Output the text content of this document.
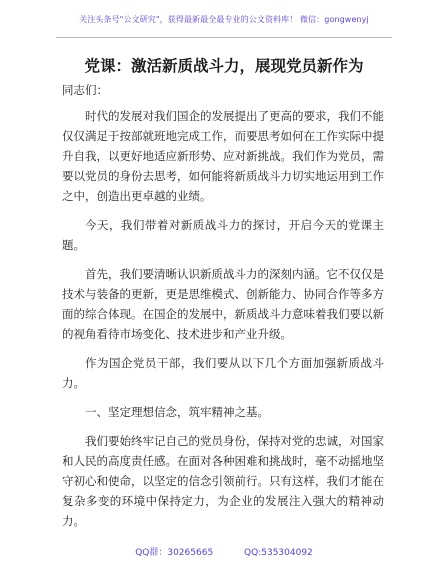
关注头条号"公文研究"，获得最新最全最专业的公文资料库！ 微信：gongwenyj
党课：激活新质战斗力，展现党员新作为
同志们：

时代的发展对我们国企的发展提出了更高的要求，我们不能仅仅满足于按部就班地完成工作，而要思考如何在工作实际中提升自我，以更好地适应新形势、应对新挑战。我们作为党员，需要以党员的身份去思考，如何能将新质战斗力切实地运用到工作之中，创造出更卓越的业绩。

今天，我们带着对新质战斗力的探讨，开启今天的党课主题。

首先，我们要清晰认识新质战斗力的深刻内涵。它不仅仅是技术与装备的更新，更是思维模式、创新能力、协同合作等多方面的综合体现。在国企的发展中，新质战斗力意味着我们要以新的视角看待市场变化、技术进步和产业升级。

作为国企党员干部，我们要从以下几个方面加强新质战斗力。

一、坚定理想信念，筑牢精神之基。

我们要始终牢记自己的党员身份，保持对党的忠诚，对国家和人民的高度责任感。在面对各种困难和挑战时，毫不动摇地坚守初心和使命，以坚定的信念引领前行。只有这样，我们才能在复杂多变的环境中保持定力，为企业的发展注入强大的精神动力。

QQ群：30265665	QQ:535304092
